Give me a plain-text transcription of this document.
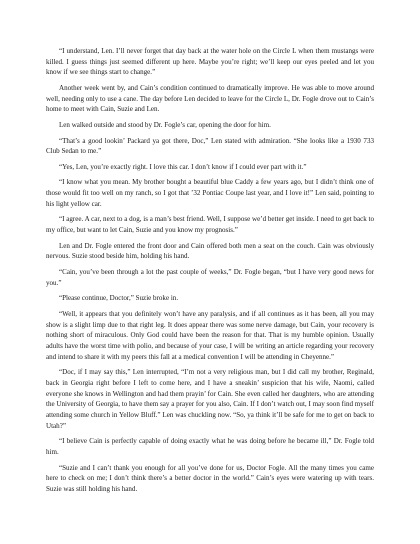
“I understand, Len. I’ll never forget that day back at the water hole on the Circle L when them mustangs were killed. I guess things just seemed different up here. Maybe you’re right; we’ll keep our eyes peeled and let you know if we see things start to change.”

Another week went by, and Cain’s condition continued to dramatically improve. He was able to move around well, needing only to use a cane. The day before Len decided to leave for the Circle L, Dr. Fogle drove out to Cain’s home to meet with Cain, Suzie and Len.

Len walked outside and stood by Dr. Fogle’s car, opening the door for him.

“That’s a good lookin’ Packard ya got there, Doc,” Len stated with admiration. “She looks like a 1930 733 Club Sedan to me.”

“Yes, Len, you’re exactly right. I love this car. I don’t know if I could ever part with it.”

“I know what you mean. My brother bought a beautiful blue Caddy a few years ago, but I didn’t think one of those would fit too well on my ranch, so I got that ’32 Pontiac Coupe last year, and I love it!” Len said, pointing to his light yellow car.

“I agree. A car, next to a dog, is a man’s best friend. Well, I suppose we’d better get inside. I need to get back to my office, but want to let Cain, Suzie and you know my prognosis.”

Len and Dr. Fogle entered the front door and Cain offered both men a seat on the couch. Cain was obviously nervous. Suzie stood beside him, holding his hand.

“Cain, you’ve been through a lot the past couple of weeks,” Dr. Fogle began, “but I have very good news for you.”

“Please continue, Doctor,” Suzie broke in.

“Well, it appears that you definitely won’t have any paralysis, and if all continues as it has been, all you may show is a slight limp due to that right leg. It does appear there was some nerve damage, but Cain, your recovery is nothing short of miraculous. Only God could have been the reason for that. That is my humble opinion. Usually adults have the worst time with polio, and because of your case, I will be writing an article regarding your recovery and intend to share it with my peers this fall at a medical convention I will be attending in Cheyenne.”

“Doc, if I may say this,” Len interrupted, “I’m not a very religious man, but I did call my brother, Reginald, back in Georgia right before I left to come here, and I have a sneakin’ suspicion that his wife, Naomi, called everyone she knows in Wellington and had them prayin’ for Cain. She even called her daughters, who are attending the University of Georgia, to have them say a prayer for you also, Cain. If I don’t watch out, I may soon find myself attending some church in Yellow Bluff.” Len was chuckling now. “So, ya think it’ll be safe for me to get on back to Utah?”

“I believe Cain is perfectly capable of doing exactly what he was doing before he became ill,” Dr. Fogle told him.

“Suzie and I can’t thank you enough for all you’ve done for us, Doctor Fogle. All the many times you came here to check on me; I don’t think there’s a better doctor in the world.” Cain’s eyes were watering up with tears. Suzie was still holding his hand.
